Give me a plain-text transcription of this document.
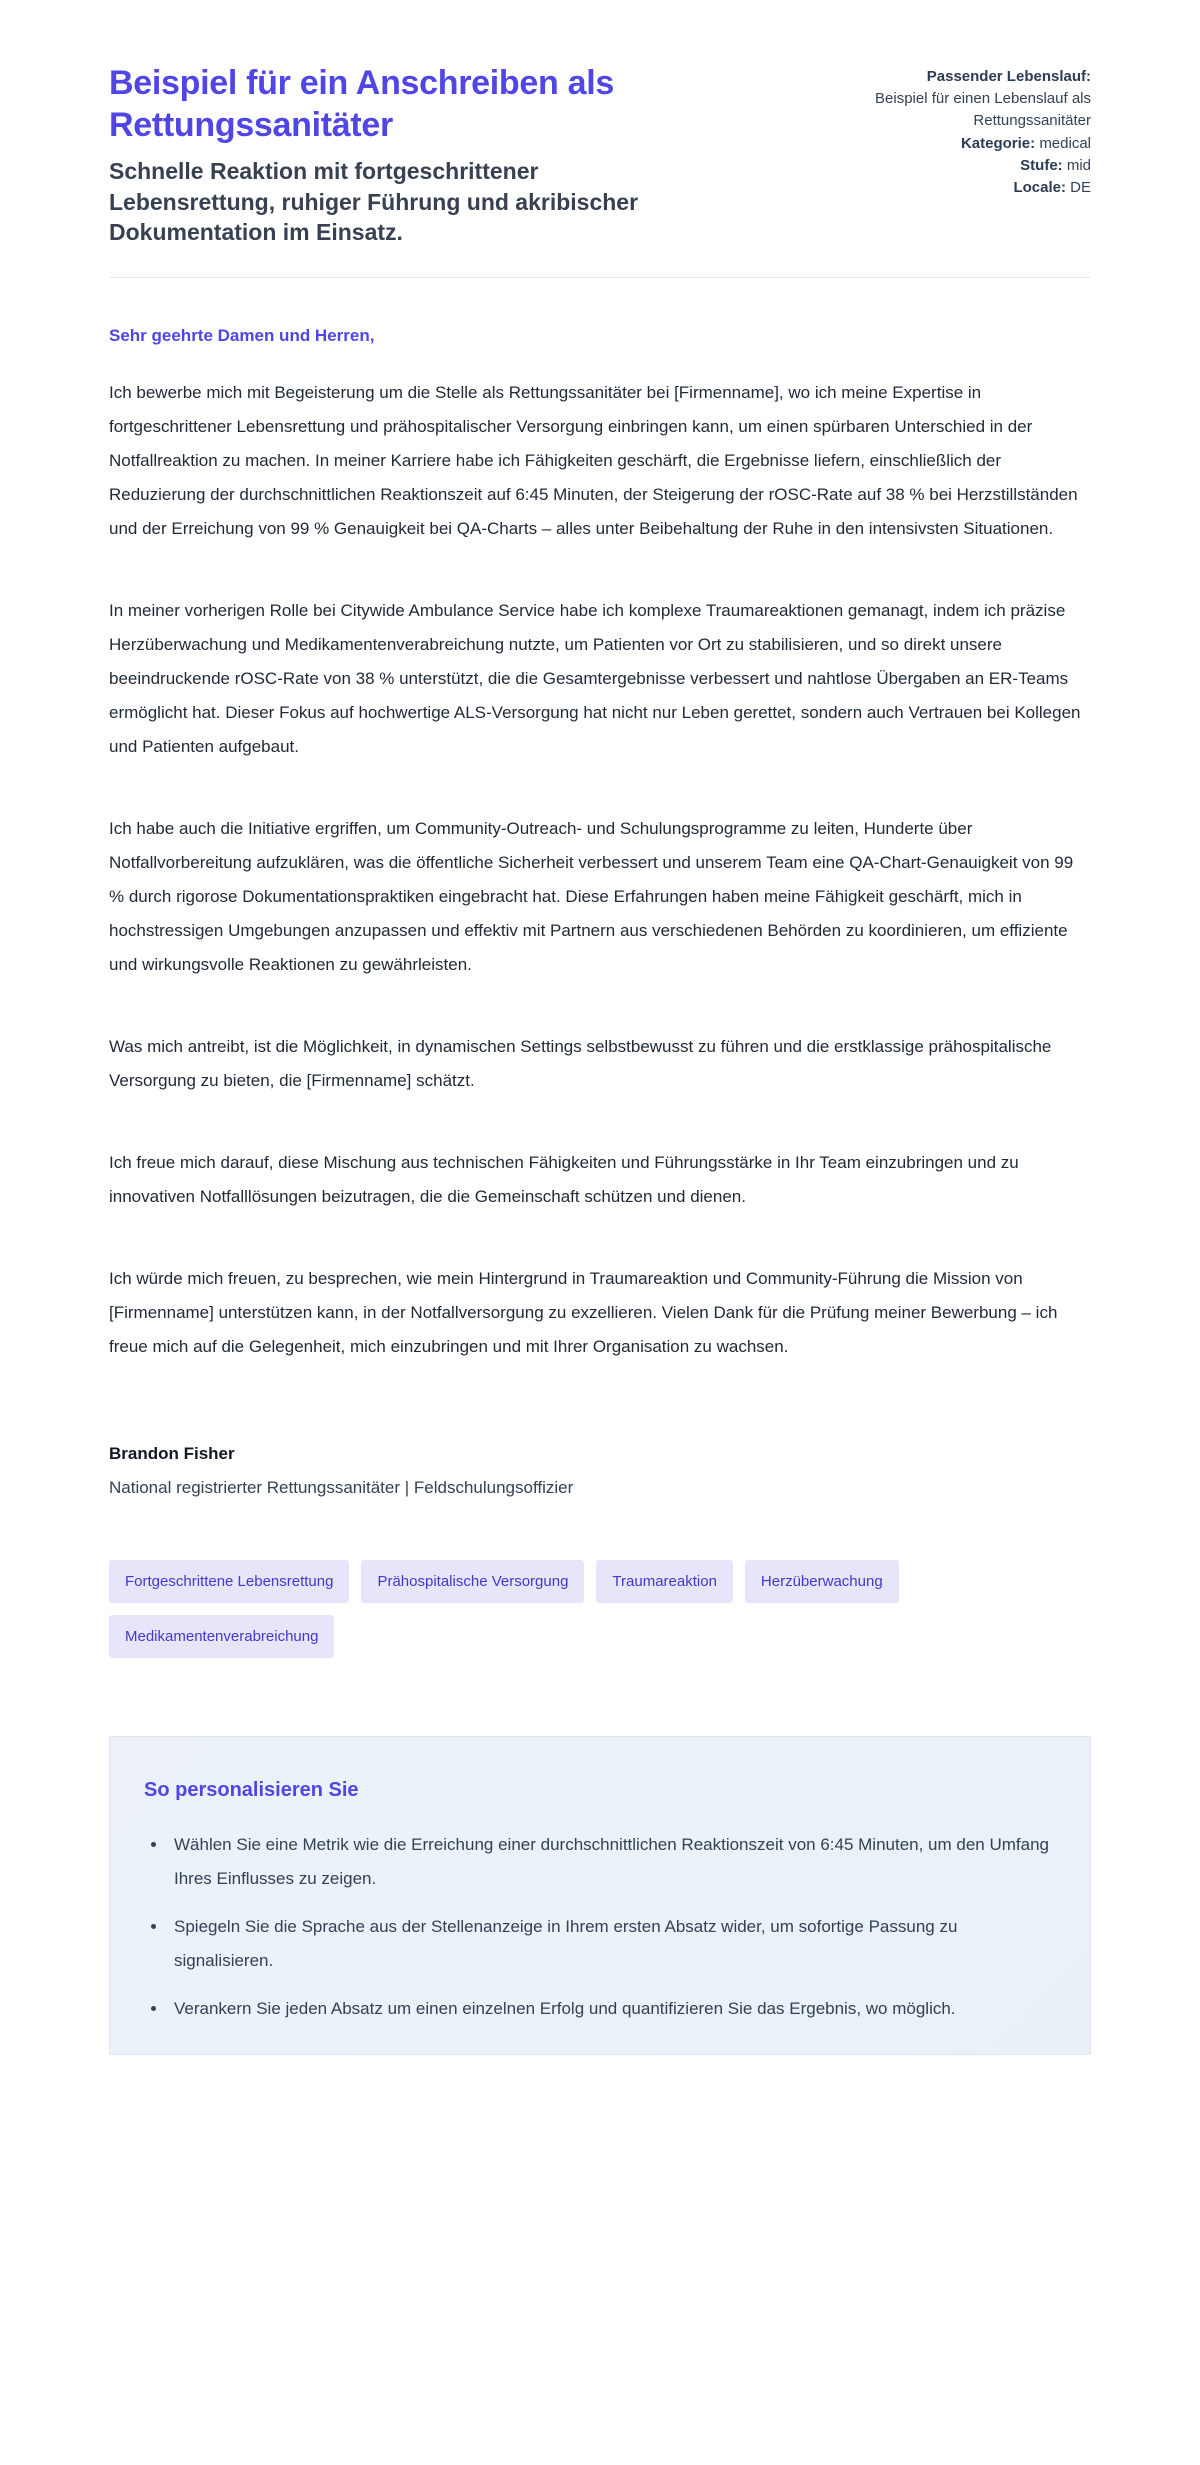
Beispiel für ein Anschreiben als Rettungssanitäter

Schnelle Reaktion mit fortgeschrittener Lebensrettung, ruhiger Führung und akribischer Dokumentation im Einsatz.

Passender Lebenslauf:
Beispiel für einen Lebenslauf als Rettungssanitäter
Kategorie: medical
Stufe: mid
Locale: DE

Sehr geehrte Damen und Herren,

Ich bewerbe mich mit Begeisterung um die Stelle als Rettungssanitäter bei [Firmenname], wo ich meine Expertise in fortgeschrittener Lebensrettung und prähospitalischer Versorgung einbringen kann, um einen spürbaren Unterschied in der Notfallreaktion zu machen. In meiner Karriere habe ich Fähigkeiten geschärft, die Ergebnisse liefern, einschließlich der Reduzierung der durchschnittlichen Reaktionszeit auf 6:45 Minuten, der Steigerung der rOSC-Rate auf 38 % bei Herzstillständen und der Erreichung von 99 % Genauigkeit bei QA-Charts – alles unter Beibehaltung der Ruhe in den intensivsten Situationen.

In meiner vorherigen Rolle bei Citywide Ambulance Service habe ich komplexe Traumareaktionen gemanagt, indem ich präzise Herzüberwachung und Medikamentenverabreichung nutzte, um Patienten vor Ort zu stabilisieren, und so direkt unsere beeindruckende rOSC-Rate von 38 % unterstützt, die die Gesamtergebnisse verbessert und nahtlose Übergaben an ER-Teams ermöglicht hat. Dieser Fokus auf hochwertige ALS-Versorgung hat nicht nur Leben gerettet, sondern auch Vertrauen bei Kollegen und Patienten aufgebaut.

Ich habe auch die Initiative ergriffen, um Community-Outreach- und Schulungsprogramme zu leiten, Hunderte über Notfallvorbereitung aufzuklären, was die öffentliche Sicherheit verbessert und unserem Team eine QA-Chart-Genauigkeit von 99 % durch rigorose Dokumentationspraktiken eingebracht hat. Diese Erfahrungen haben meine Fähigkeit geschärft, mich in hochstressigen Umgebungen anzupassen und effektiv mit Partnern aus verschiedenen Behörden zu koordinieren, um effiziente und wirkungsvolle Reaktionen zu gewährleisten.

Was mich antreibt, ist die Möglichkeit, in dynamischen Settings selbstbewusst zu führen und die erstklassige prähospitalische Versorgung zu bieten, die [Firmenname] schätzt.

Ich freue mich darauf, diese Mischung aus technischen Fähigkeiten und Führungsstärke in Ihr Team einzubringen und zu innovativen Notfalllösungen beizutragen, die die Gemeinschaft schützen und dienen.

Ich würde mich freuen, zu besprechen, wie mein Hintergrund in Traumareaktion und Community-Führung die Mission von [Firmenname] unterstützen kann, in der Notfallversorgung zu exzellieren. Vielen Dank für die Prüfung meiner Bewerbung – ich freue mich auf die Gelegenheit, mich einzubringen und mit Ihrer Organisation zu wachsen.

Brandon Fisher

National registrierter Rettungssanitäter | Feldschulungsoffizier

Fortgeschrittene Lebensrettung	Prähospitalische Versorgung	Traumareaktion	Herzüberwachung
Medikamentenverabreichung
So personalisieren Sie
• Wählen Sie eine Metrik wie die Erreichung einer durchschnittlichen Reaktionszeit von 6:45 Minuten, um den Umfang Ihres Einflusses zu zeigen.
• Spiegeln Sie die Sprache aus der Stellenanzeige in Ihrem ersten Absatz wider, um sofortige Passung zu signalisieren.
• Verankern Sie jeden Absatz um einen einzelnen Erfolg und quantifizieren Sie das Ergebnis, wo möglich.
